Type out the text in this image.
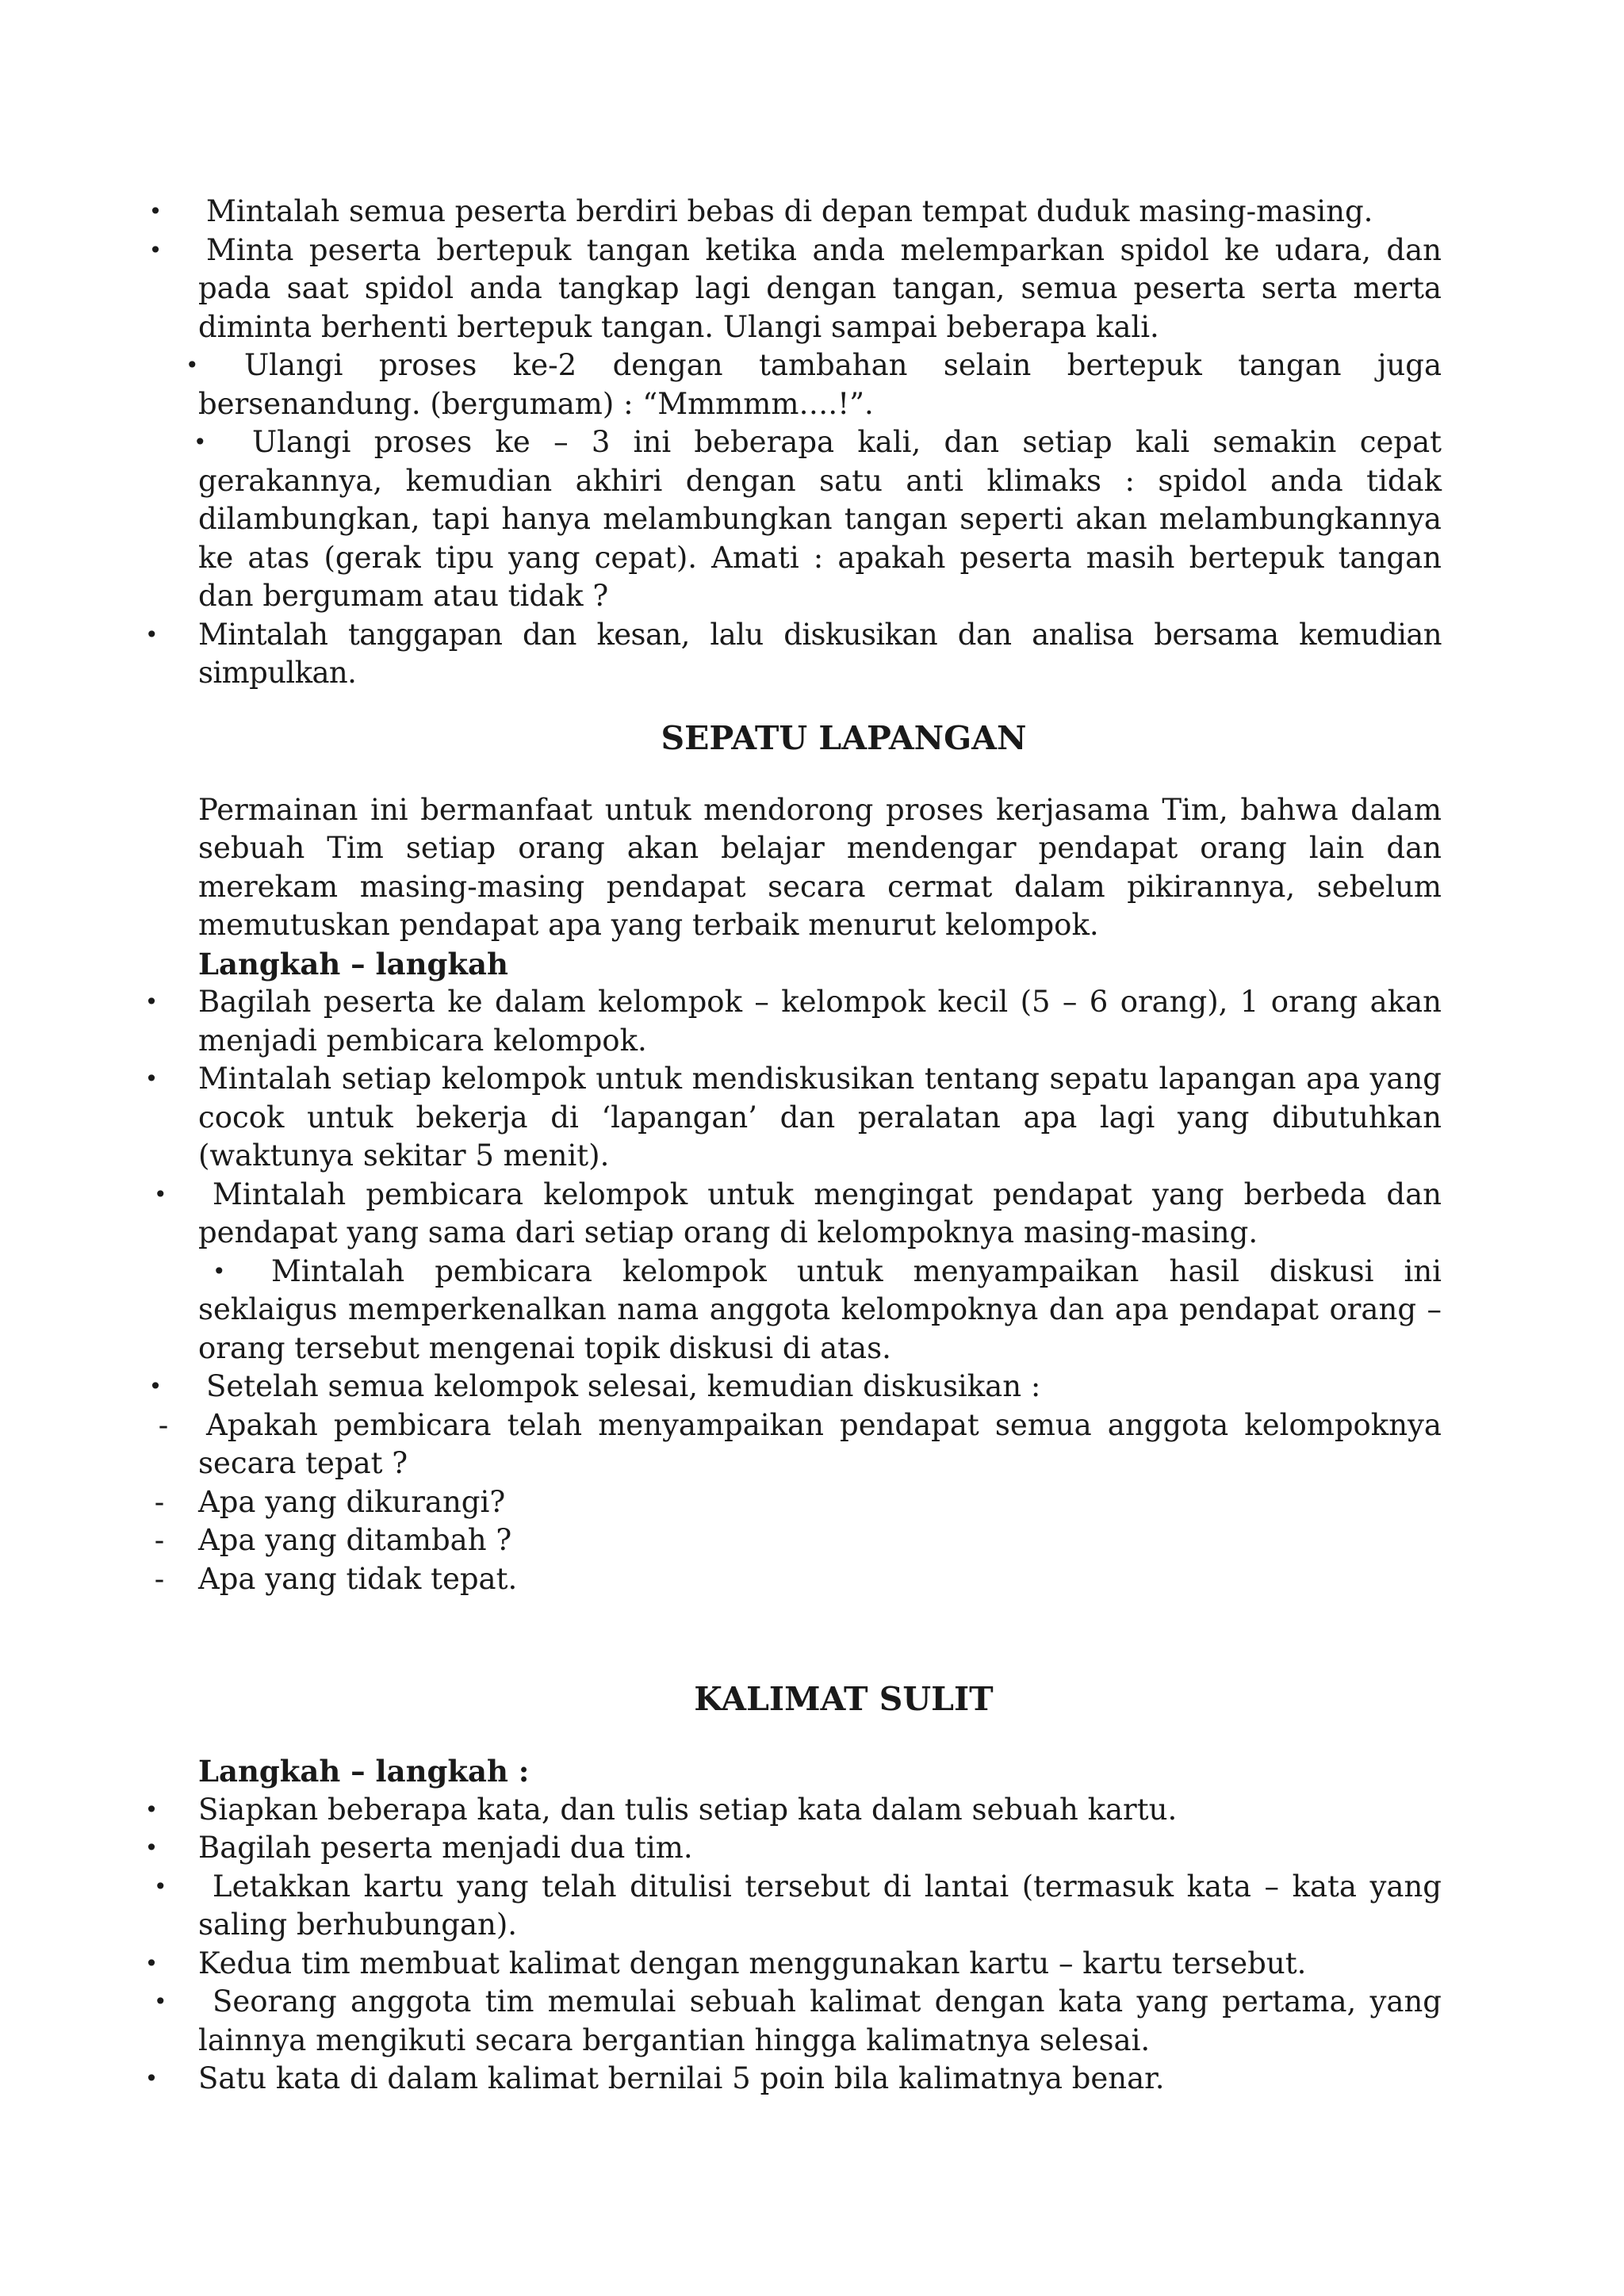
• Mintalah semua peserta berdiri bebas di depan tempat duduk masing-masing.
• Minta peserta bertepuk tangan ketika anda melemparkan spidol ke udara, dan pada saat spidol anda tangkap lagi dengan tangan, semua peserta serta merta diminta berhenti bertepuk tangan. Ulangi sampai beberapa kali.
• Ulangi proses ke-2 dengan tambahan selain bertepuk tangan juga bersenandung. (bergumam) : “Mmmmm….!”.
• Ulangi proses ke – 3 ini beberapa kali, dan setiap kali semakin cepat gerakannya, kemudian akhiri dengan satu anti klimaks : spidol anda tidak dilambungkan, tapi hanya melambungkan tangan seperti akan melambungkannya ke atas (gerak tipu yang cepat). Amati : apakah peserta masih bertepuk tangan dan bergumam atau tidak ?
• Mintalah tanggapan dan kesan, lalu diskusikan dan analisa bersama kemudian simpulkan.
SEPATU LAPANGAN
Permainan ini bermanfaat untuk mendorong proses kerjasama Tim, bahwa dalam sebuah Tim setiap orang akan belajar mendengar pendapat orang lain dan merekam masing-masing pendapat secara cermat dalam pikirannya, sebelum memutuskan pendapat apa yang terbaik menurut kelompok.
Langkah – langkah
• Bagilah peserta ke dalam kelompok – kelompok kecil (5 – 6 orang), 1 orang akan menjadi pembicara kelompok.
• Mintalah setiap kelompok untuk mendiskusikan tentang sepatu lapangan apa yang cocok untuk bekerja di ‘lapangan’ dan peralatan apa lagi yang dibutuhkan (waktunya sekitar 5 menit).
• Mintalah pembicara kelompok untuk mengingat pendapat yang berbeda dan pendapat yang sama dari setiap orang di kelompoknya masing-masing.
• Mintalah pembicara kelompok untuk menyampaikan hasil diskusi ini seklaigus memperkenalkan nama anggota kelompoknya dan apa pendapat orang – orang tersebut mengenai topik diskusi di atas.
• Setelah semua kelompok selesai, kemudian diskusikan :
- Apakah pembicara telah menyampaikan pendapat semua anggota kelompoknya secara tepat ?
- Apa yang dikurangi?
- Apa yang ditambah ?
- Apa yang tidak tepat.
KALIMAT SULIT
Langkah – langkah :
• Siapkan beberapa kata, dan tulis setiap kata dalam sebuah kartu.
• Bagilah peserta menjadi dua tim.
• Letakkan kartu yang telah ditulisi tersebut di lantai (termasuk kata – kata yang saling berhubungan).
• Kedua tim membuat kalimat dengan menggunakan kartu – kartu tersebut.
• Seorang anggota tim memulai sebuah kalimat dengan kata yang pertama, yang lainnya mengikuti secara bergantian hingga kalimatnya selesai.
• Satu kata di dalam kalimat bernilai 5 poin bila kalimatnya benar.
